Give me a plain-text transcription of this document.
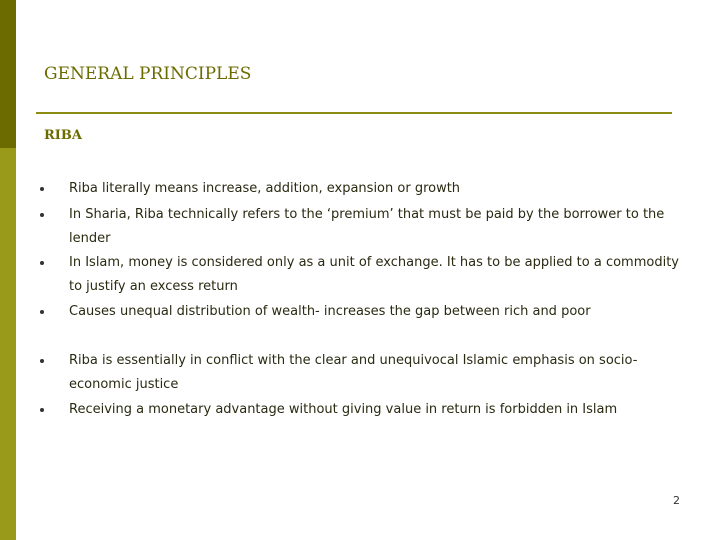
GENERAL PRINCIPLES
RIBA
Riba literally means increase, addition, expansion or growth
In Sharia, Riba technically refers to the ‘premium’ that must be paid by the borrower to the lender
In Islam, money is considered only as a unit of exchange. It has to be applied to a commodity to justify an excess return
Causes unequal distribution of wealth- increases the gap between rich and poor
Riba is essentially in conflict with the clear and unequivocal Islamic emphasis on socio-economic justice
Receiving a monetary advantage without giving value in return is forbidden in Islam
2
